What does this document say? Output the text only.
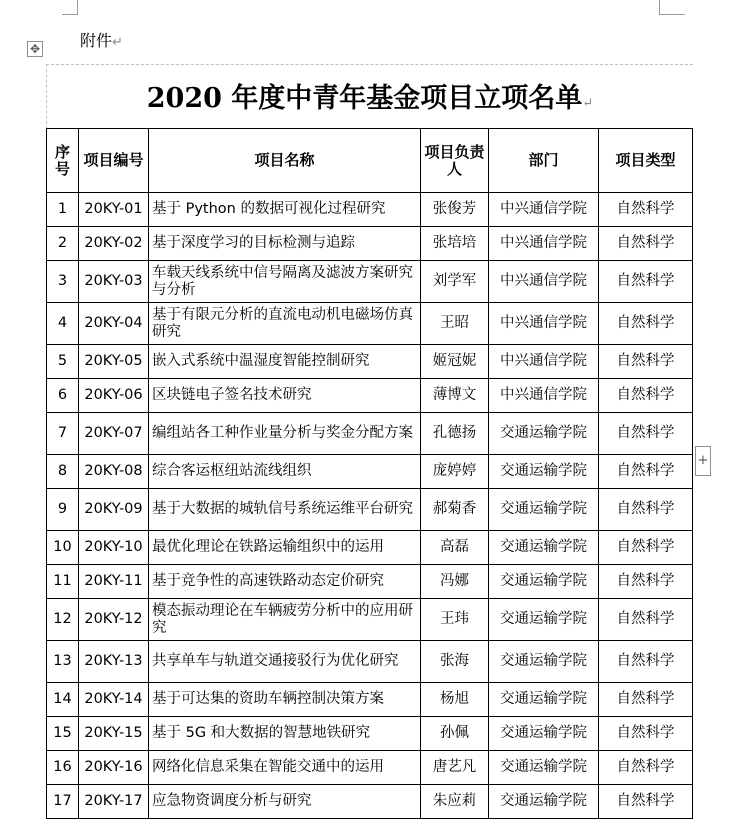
✥
+
附件↵
2020 年度中青年基金项目立项名单↵
序号	项目编号	项目名称	项目负责人	部门	项目类型
1	20KY-01	基于 Python 的数据可视化过程研究	张俊芳	中兴通信学院	自然科学
2	20KY-02	基于深度学习的目标检测与追踪	张培培	中兴通信学院	自然科学
3	20KY-03	车载天线系统中信号隔离及滤波方案研究与分析	刘学军	中兴通信学院	自然科学
4	20KY-04	基于有限元分析的直流电动机电磁场仿真研究	王昭	中兴通信学院	自然科学
5	20KY-05	嵌入式系统中温湿度智能控制研究	姬冠妮	中兴通信学院	自然科学
6	20KY-06	区块链电子签名技术研究	薄博文	中兴通信学院	自然科学
7	20KY-07	编组站各工种作业量分析与奖金分配方案	孔德扬	交通运输学院	自然科学
8	20KY-08	综合客运枢纽站流线组织	庞婷婷	交通运输学院	自然科学
9	20KY-09	基于大数据的城轨信号系统运维平台研究	郝菊香	交通运输学院	自然科学
10	20KY-10	最优化理论在铁路运输组织中的运用	高磊	交通运输学院	自然科学
11	20KY-11	基于竞争性的高速铁路动态定价研究	冯娜	交通运输学院	自然科学
12	20KY-12	模态振动理论在车辆疲劳分析中的应用研究	王玮	交通运输学院	自然科学
13	20KY-13	共享单车与轨道交通接驳行为优化研究	张海	交通运输学院	自然科学
14	20KY-14	基于可达集的资助车辆控制决策方案	杨旭	交通运输学院	自然科学
15	20KY-15	基于 5G 和大数据的智慧地铁研究	孙佩	交通运输学院	自然科学
16	20KY-16	网络化信息采集在智能交通中的运用	唐艺凡	交通运输学院	自然科学
17	20KY-17	应急物资调度分析与研究	朱应莉	交通运输学院	自然科学
